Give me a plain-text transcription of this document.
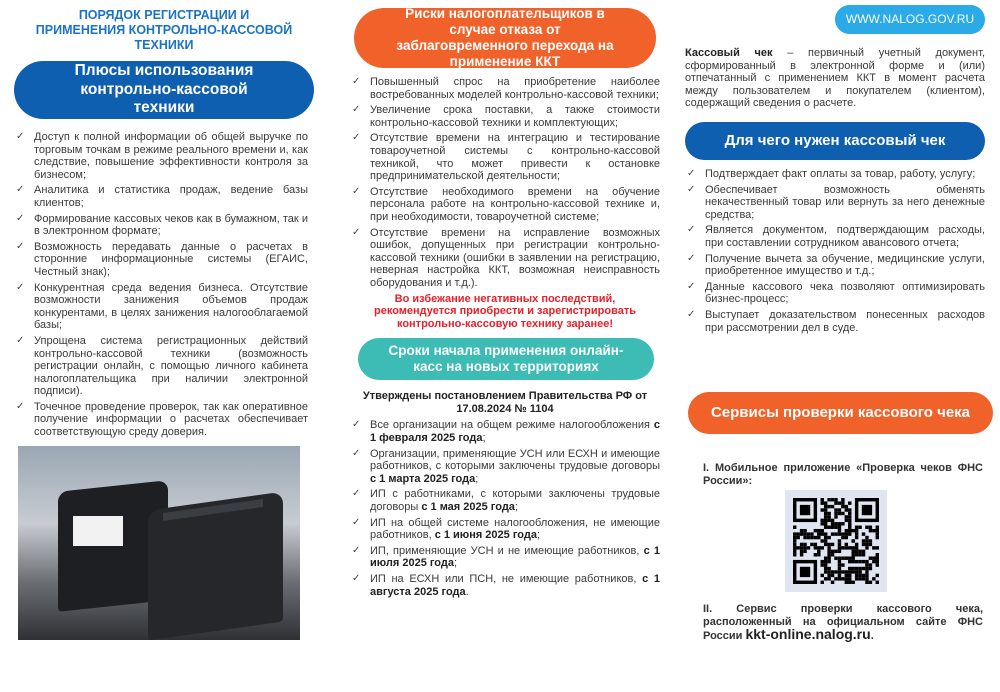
ПОРЯДОК РЕГИСТРАЦИИ И ПРИМЕНЕНИЯ КОНТРОЛЬНО-КАССОВОЙ ТЕХНИКИ
Плюсы использования контрольно-кассовой техники
✓ Доступ к полной информации об общей выручке по торговым точкам в режиме реального времени и, как следствие, повышение эффективности контроля за бизнесом;
✓ Аналитика и статистика продаж, ведение базы клиентов;
✓ Формирование кассовых чеков как в бумажном, так и в электронном формате;
✓ Возможность передавать данные о расчетах в сторонние информационные системы (ЕГАИС, Честный знак);
✓ Конкурентная среда ведения бизнеса. Отсутствие возможности занижения объемов продаж конкурентами, в целях занижения налогооблагаемой базы;
✓ Упрощена система регистрационных действий контрольно-кассовой техники (возможность регистрации онлайн, с помощью личного кабинета налогоплательщика при наличии электронной подписи).
✓ Точечное проведение проверок, так как оперативное получение информации о расчетах обеспечивает соответствующую среду доверия.
Риски налогоплательщиков в случае отказа от заблаговременного перехода на применение ККТ
✓ Повышенный спрос на приобретение наиболее востребованных моделей контрольно-кассовой техники;
✓ Увеличение срока поставки, а также стоимости контрольно-кассовой техники и комплектующих;
✓ Отсутствие времени на интеграцию и тестирование товароучетной системы с контрольно-кассовой техникой, что может привести к остановке предпринимательской деятельности;
✓ Отсутствие необходимого времени на обучение персонала работе на контрольно-кассовой технике и, при необходимости, товароучетной системе;
✓ Отсутствие времени на исправление возможных ошибок, допущенных при регистрации контрольно-кассовой техники (ошибки в заявлении на регистрацию, неверная настройка ККТ, возможная неисправность оборудования и т.д.).
Во избежание негативных последствий, рекомендуется приобрести и зарегистрировать контрольно-кассовую технику заранее!
Сроки начала применения онлайн-касс на новых территориях
Утверждены постановлением Правительства РФ от 17.08.2024 № 1104
✓ Все организации на общем режиме налогообложения с 1 февраля 2025 года;
✓ Организации, применяющие УСН или ЕСХН и имеющие работников, с которыми заключены трудовые договоры с 1 марта 2025 года;
✓ ИП с работниками, с которыми заключены трудовые договоры с 1 мая 2025 года;
✓ ИП на общей системе налогообложения, не имеющие работников, с 1 июня 2025 года;
✓ ИП, применяющие УСН и не имеющие работников, с 1 июля 2025 года;
✓ ИП на ЕСХН или ПСН, не имеющие работников, с 1 августа 2025 года.
WWW.NALOG.GOV.RU
Кассовый чек – первичный учетный документ, сформированный в электронной форме и (или) отпечатанный с применением ККТ в момент расчета между пользователем и покупателем (клиентом), содержащий сведения о расчете.
Для чего нужен кассовый чек
✓ Подтверждает факт оплаты за товар, работу, услугу;
✓ Обеспечивает возможность обменять некачественный товар или вернуть за него денежные средства;
✓ Является документом, подтверждающим расходы, при составлении сотрудником авансового отчета;
✓ Получение вычета за обучение, медицинские услуги, приобретенное имущество и т.д.;
✓ Данные кассового чека позволяют оптимизировать бизнес-процесс;
✓ Выступает доказательством понесенных расходов при рассмотрении дел в суде.
Сервисы проверки кассового чека
I. Мобильное приложение «Проверка чеков ФНС России»:
II. Сервис проверки кассового чека, расположенный на официальном сайте ФНС России kkt-online.nalog.ru.
